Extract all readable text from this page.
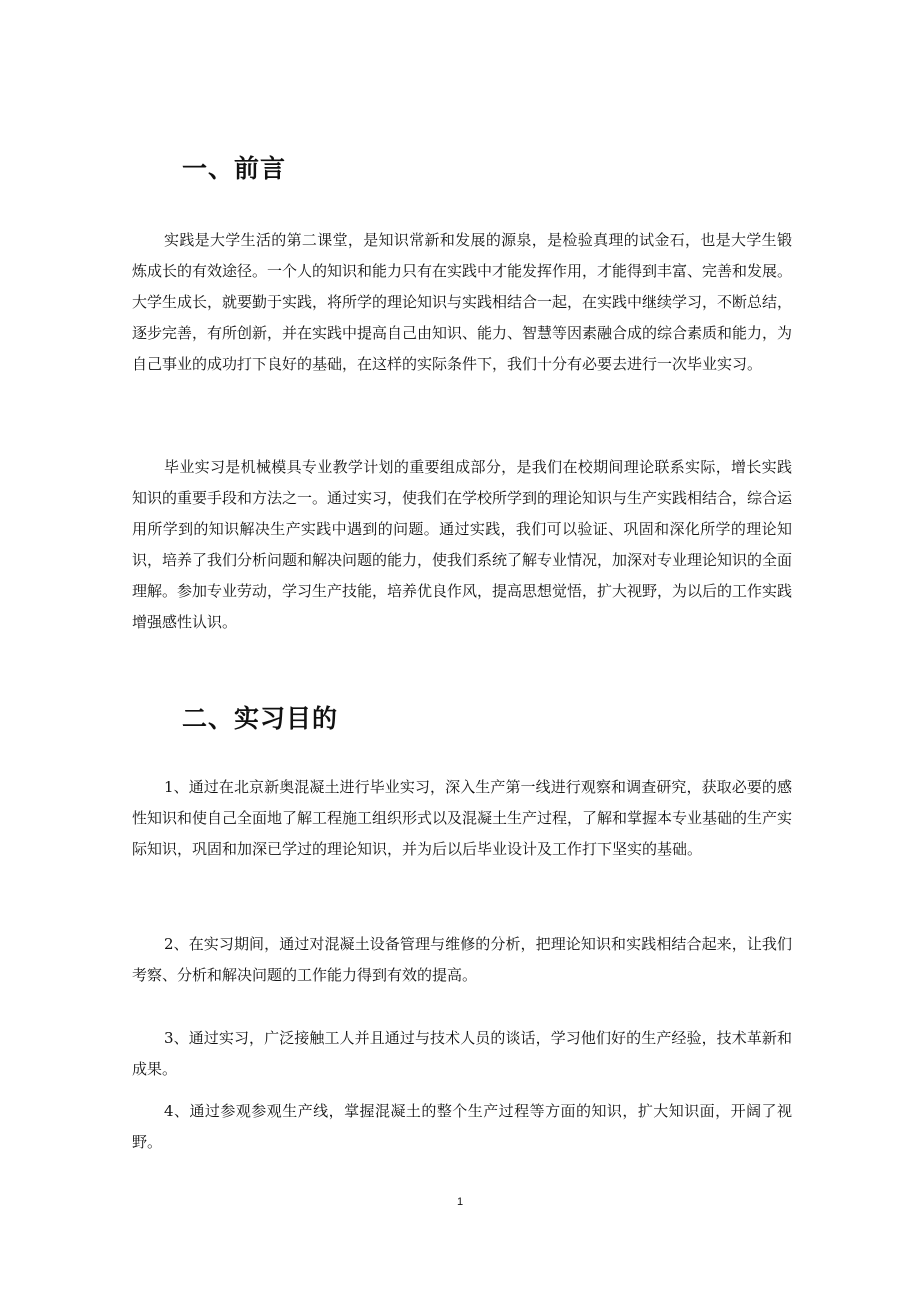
一、前言

实践是大学生活的第二课堂，是知识常新和发展的源泉，是检验真理的试金石，也是大学生锻炼成长的有效途径。一个人的知识和能力只有在实践中才能发挥作用，才能得到丰富、完善和发展。大学生成长，就要勤于实践，将所学的理论知识与实践相结合一起，在实践中继续学习，不断总结，逐步完善，有所创新，并在实践中提高自己由知识、能力、智慧等因素融合成的综合素质和能力，为自己事业的成功打下良好的基础，在这样的实际条件下，我们十分有必要去进行一次毕业实习。

毕业实习是机械模具专业教学计划的重要组成部分，是我们在校期间理论联系实际，增长实践知识的重要手段和方法之一。通过实习，使我们在学校所学到的理论知识与生产实践相结合，综合运用所学到的知识解决生产实践中遇到的问题。通过实践，我们可以验证、巩固和深化所学的理论知识，培养了我们分析问题和解决问题的能力，使我们系统了解专业情况，加深对专业理论知识的全面理解。参加专业劳动，学习生产技能，培养优良作风，提高思想觉悟，扩大视野，为以后的工作实践增强感性认识。

二、实习目的

1、通过在北京新奥混凝土进行毕业实习，深入生产第一线进行观察和调查研究，获取必要的感性知识和使自己全面地了解工程施工组织形式以及混凝土生产过程，了解和掌握本专业基础的生产实际知识，巩固和加深已学过的理论知识，并为后以后毕业设计及工作打下坚实的基础。

2、在实习期间，通过对混凝土设备管理与维修的分析，把理论知识和实践相结合起来，让我们考察、分析和解决问题的工作能力得到有效的提高。

3、通过实习，广泛接触工人并且通过与技术人员的谈话，学习他们好的生产经验，技术革新和成果。

4、通过参观参观生产线，掌握混凝土的整个生产过程等方面的知识，扩大知识面，开阔了视野。

1
